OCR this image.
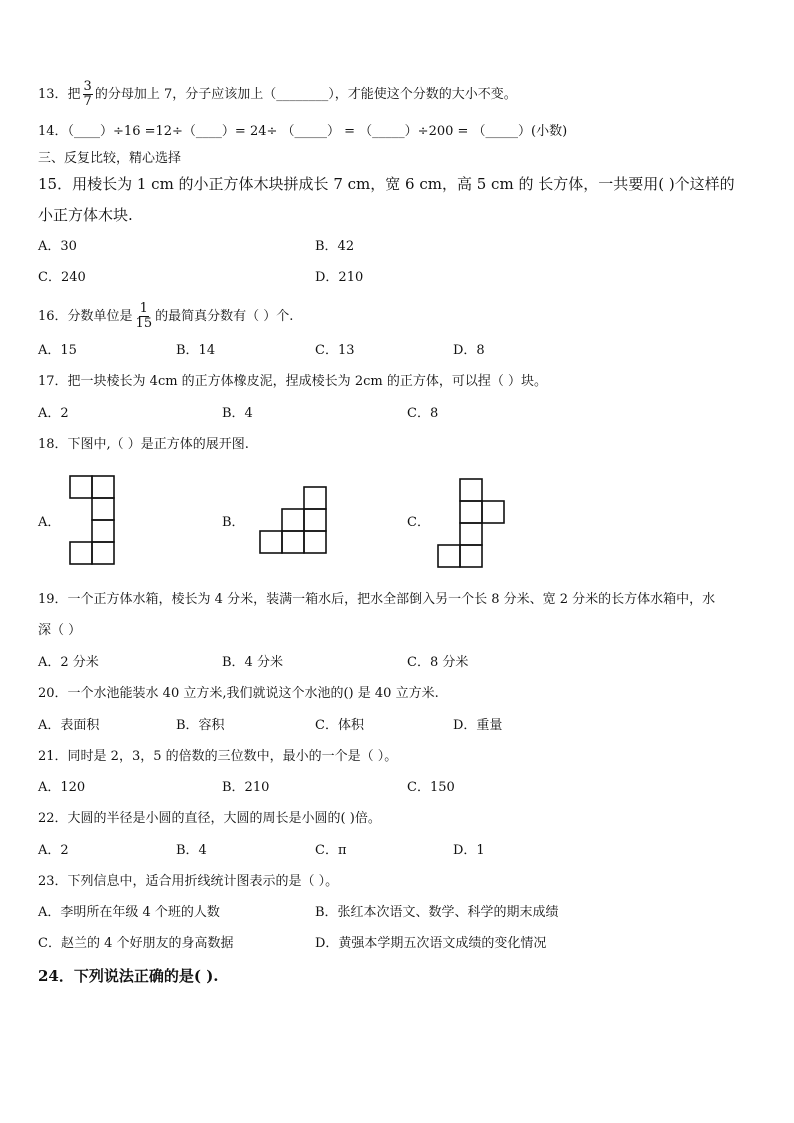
13．把 $\frac{3}{7}$ 的分母加上 7，分子应该加上（________），才能使这个分数的大小不变。
14．（____）÷16 =12÷（____）= 24÷ （_____） = （_____）÷200 = （_____）(小数)
三、反复比较，精心选择
15．用棱长为 1 cm 的小正方体木块拼成长 7 cm，宽 6 cm，高 5 cm 的 长方体，一共要用( )个这样的
小正方体木块.
A．30	B．42
C．240	D．210
16．分数单位是 $\frac{1}{15}$ 的最简真分数有（ ）个.
A．15	B．14	C．13	D．8
17．把一块棱长为 4cm 的正方体橡皮泥，捏成棱长为 2cm 的正方体，可以捏（ ）块。
A．2	B．4	C．8
18．下图中,（ ）是正方体的展开图.
A．	B．	C．
19．一个正方体水箱，棱长为 4 分米，装满一箱水后，把水全部倒入另一个长 8 分米、宽 2 分米的长方体水箱中，水
深（ ）
A．2 分米	B．4 分米	C．8 分米
20．一个水池能装水 40 立方米,我们就说这个水池的() 是 40 立方米.
A．表面积	B．容积	C．体积	D．重量
21．同时是 2，3，5 的倍数的三位数中，最小的一个是（ ）。
A．120	B．210	C．150
22．大圆的半径是小圆的直径，大圆的周长是小圆的( )倍。
A．2	B．4	C．π	D．1
23．下列信息中，适合用折线统计图表示的是（ ）。
A．李明所在年级 4 个班的人数	B．张红本次语文、数学、科学的期末成绩
C．赵兰的 4 个好朋友的身高数据	D．黄强本学期五次语文成绩的变化情况
24．下列说法正确的是( ).
